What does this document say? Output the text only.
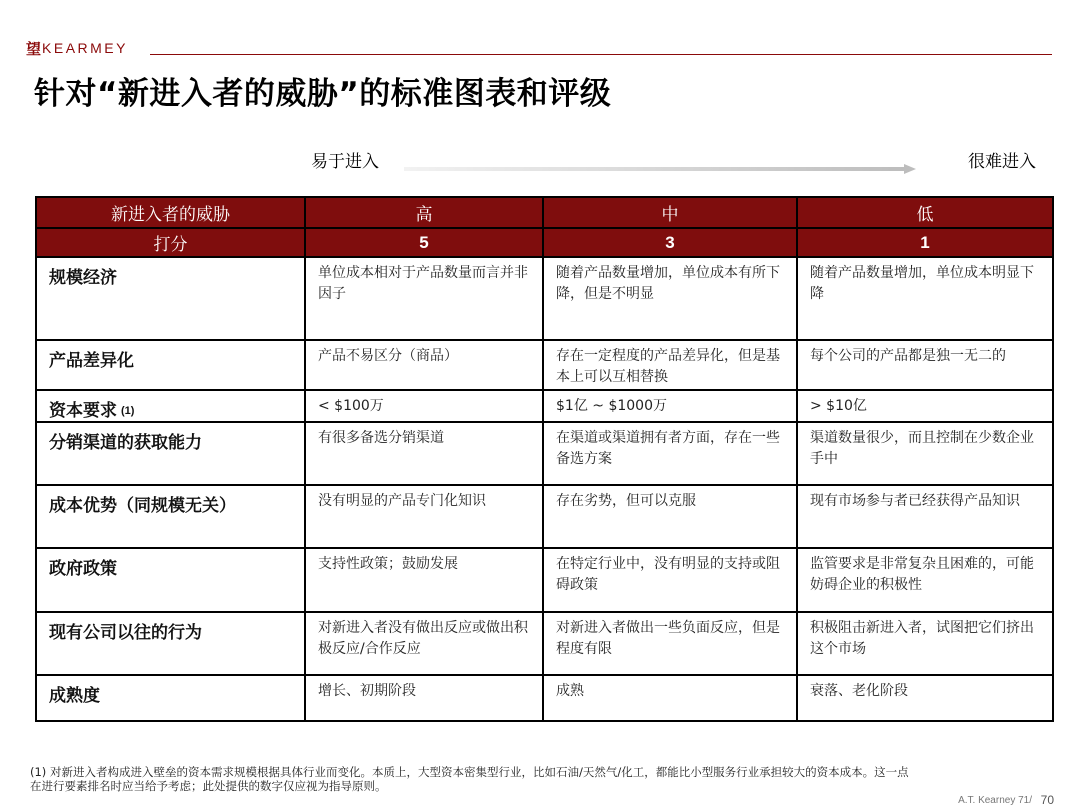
望 KEARMEY
针对“新进入者的威胁”的标准图表和评级
易于进入	很难进入
新进入者的威胁	高	中	低
打分	5	3	1
规模经济	单位成本相对于产品数量而言并非因子	随着产品数量增加，单位成本有所下降，但是不明显	随着产品数量增加，单位成本明显下降
产品差异化	产品不易区分（商品）	存在一定程度的产品差异化，但是基本上可以互相替换	每个公司的产品都是独一无二的
资本要求 (1)	< $100万	$1亿 ~ $1000万	> $10亿
分销渠道的获取能力	有很多备选分销渠道	在渠道或渠道拥有者方面，存在一些备选方案	渠道数量很少，而且控制在少数企业手中
成本优势（同规模无关）	没有明显的产品专门化知识	存在劣势，但可以克服	现有市场参与者已经获得产品知识
政府政策	支持性政策；鼓励发展	在特定行业中，没有明显的支持或阻碍政策	监管要求是非常复杂且困难的，可能妨碍企业的积极性
现有公司以往的行为	对新进入者没有做出反应或做出积极反应/合作反应	对新进入者做出一些负面反应，但是程度有限	积极阻击新进入者，试图把它们挤出这个市场
成熟度	增长、初期阶段	成熟	衰落、老化阶段
(1) 对新进入者构成进入壁垒的资本需求规模根据具体行业而变化。本质上，大型资本密集型行业，比如石油/天然气/化工，都能比小型服务行业承担较大的资本成本。这一点在进行要素排名时应当给予考虑；此处提供的数字仅应视为指导原则。
A.T. Kearney 71/ 70
